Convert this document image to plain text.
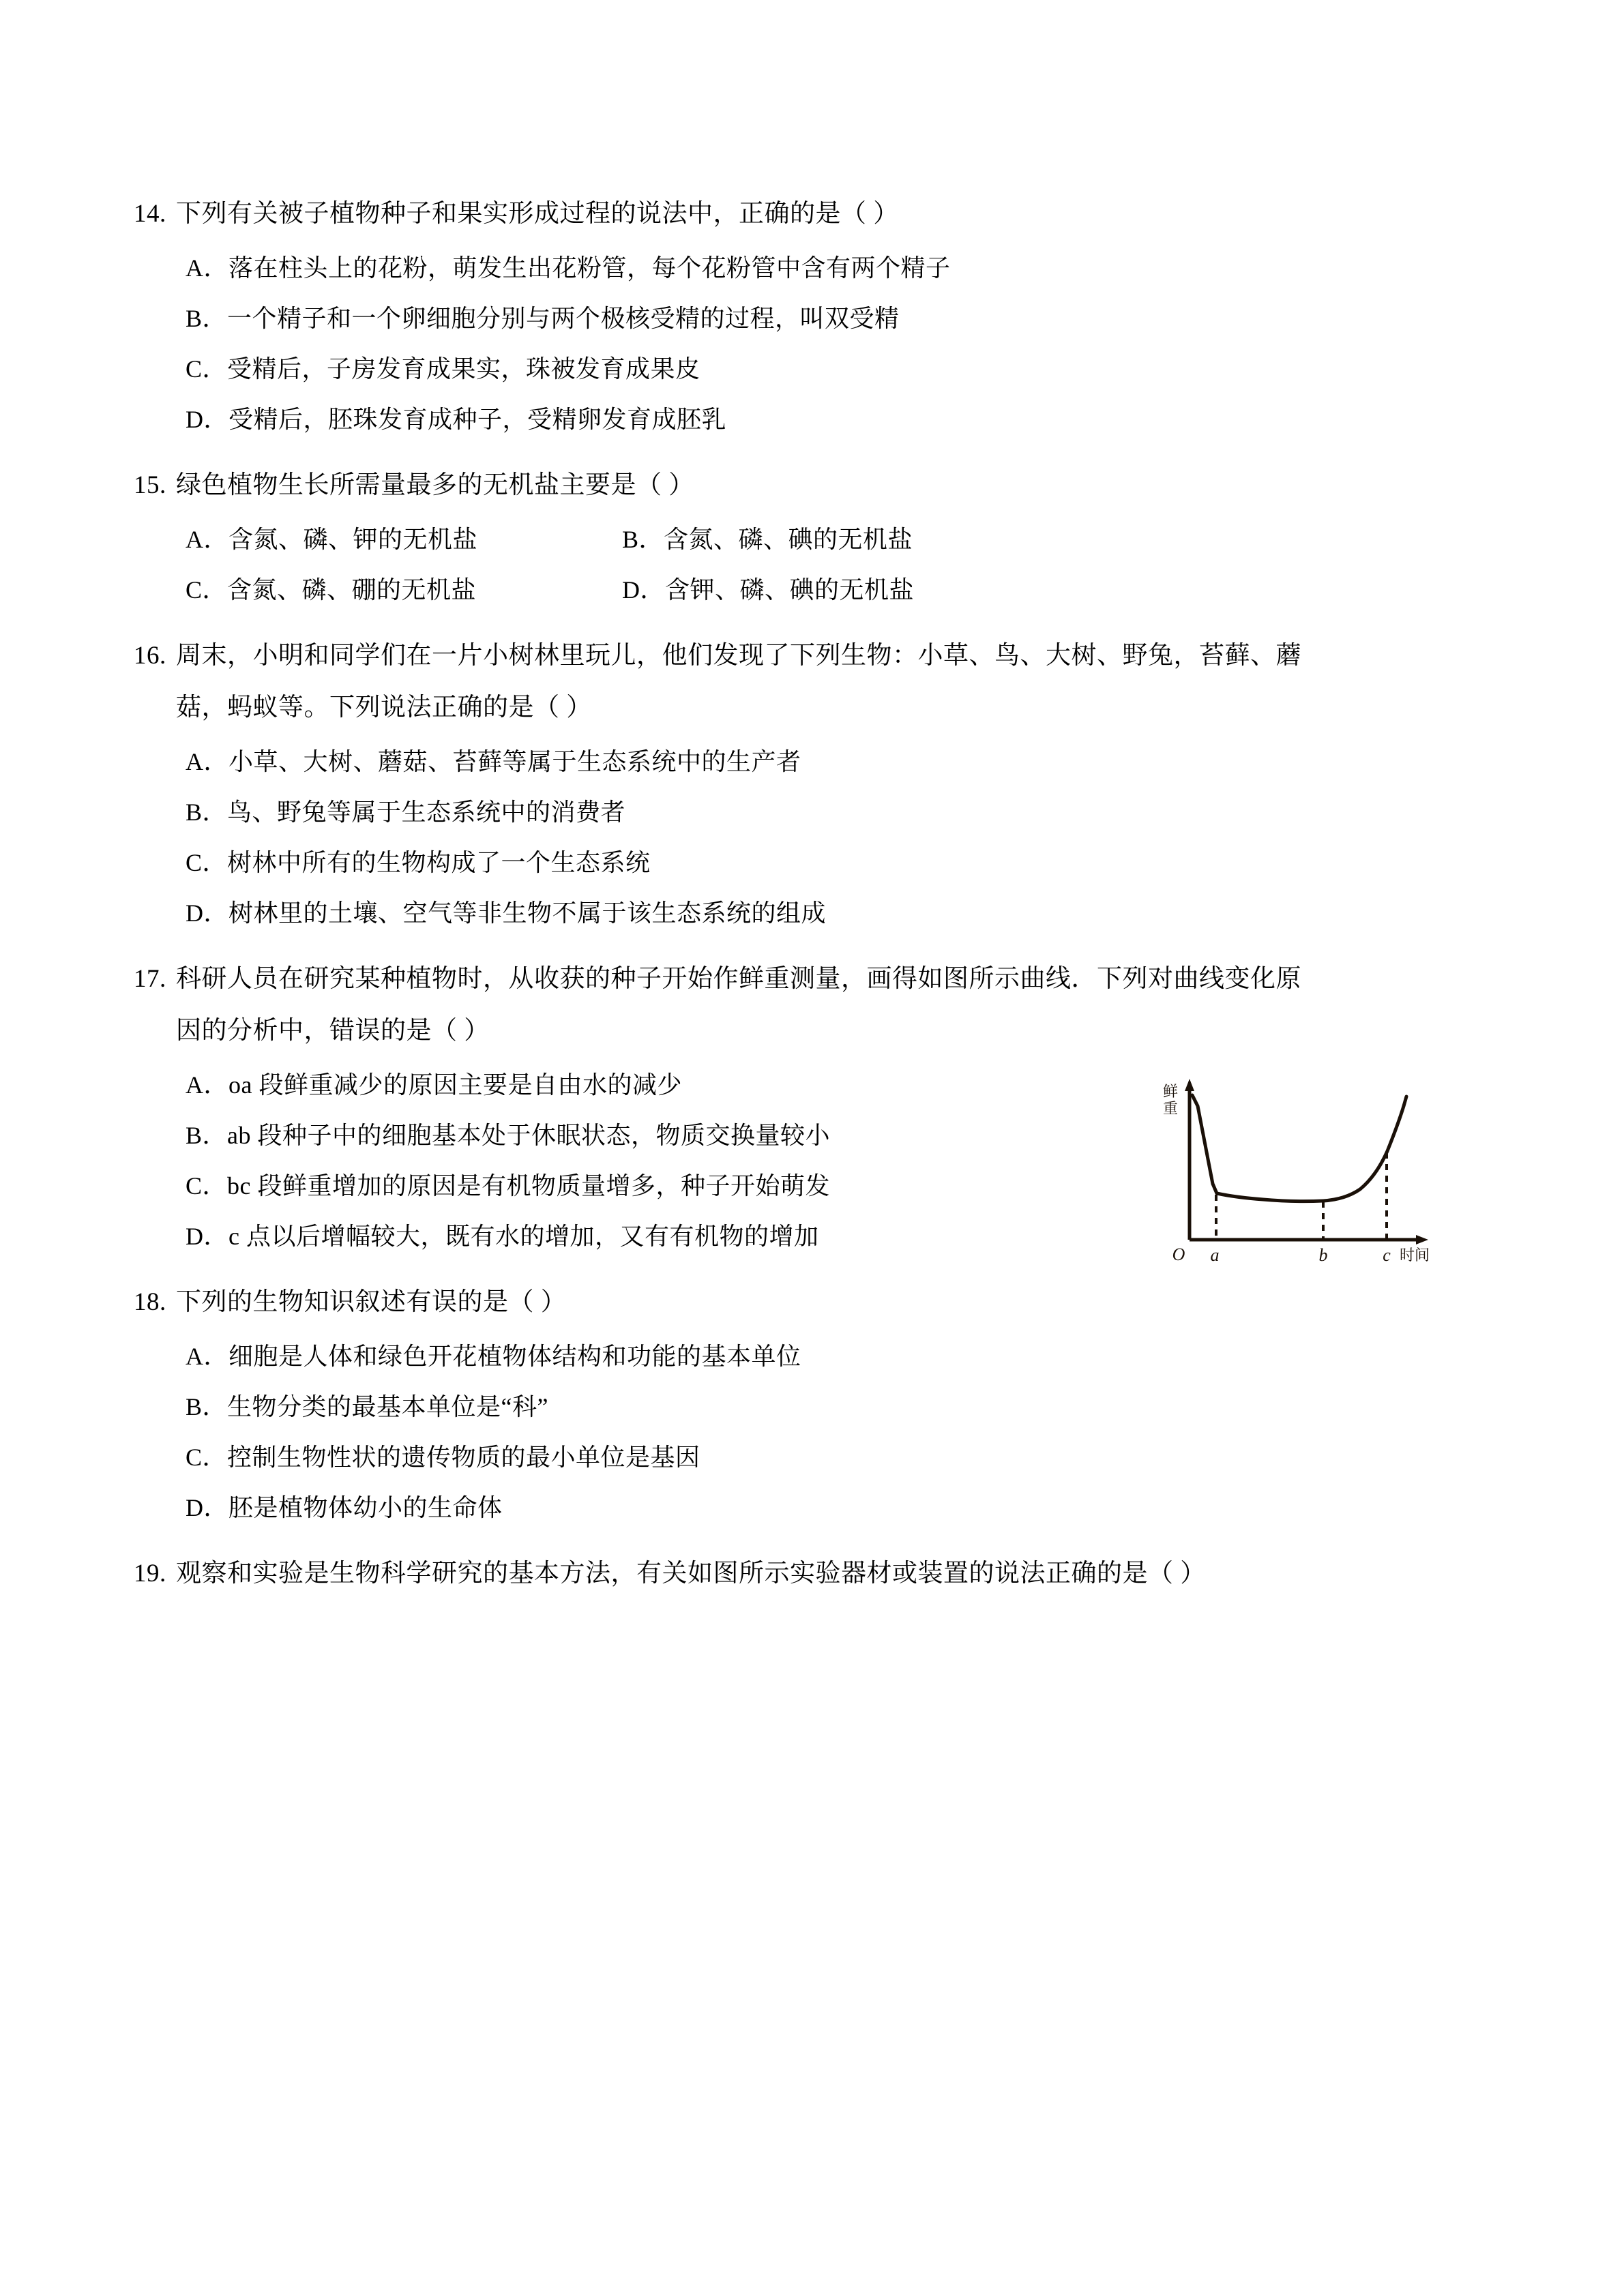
14. 下列有关被子植物种子和果实形成过程的说法中，正确的是（ ）
A．落在柱头上的花粉，萌发生出花粉管，每个花粉管中含有两个精子
B．一个精子和一个卵细胞分别与两个极核受精的过程，叫双受精
C．受精后，子房发育成果实，珠被发育成果皮
D．受精后，胚珠发育成种子，受精卵发育成胚乳
15. 绿色植物生长所需量最多的无机盐主要是（ ）
A．含氮、磷、钾的无机盐	B．含氮、磷、碘的无机盐
C．含氮、磷、硼的无机盐	D．含钾、磷、碘的无机盐
16. 周末，小明和同学们在一片小树林里玩儿，他们发现了下列生物：小草、鸟、大树、野兔，苔藓、蘑
菇，蚂蚁等。下列说法正确的是（ ）
A．小草、大树、蘑菇、苔藓等属于生态系统中的生产者
B．鸟、野兔等属于生态系统中的消费者
C．树林中所有的生物构成了一个生态系统
D．树林里的土壤、空气等非生物不属于该生态系统的组成
17. 科研人员在研究某种植物时，从收获的种子开始作鲜重测量，画得如图所示曲线．下列对曲线变化原
因的分析中，错误的是（ ）
A．oa 段鲜重减少的原因主要是自由水的减少
B．ab 段种子中的细胞基本处于休眠状态，物质交换量较小
C．bc 段鲜重增加的原因是有机物质量增多，种子开始萌发
D．c 点以后增幅较大，既有水的增加，又有有机物的增加
鲜重
O a	b	c 时间
18. 下列的生物知识叙述有误的是（ ）
A．细胞是人体和绿色开花植物体结构和功能的基本单位
B．生物分类的最基本单位是“科”
C．控制生物性状的遗传物质的最小单位是基因
D．胚是植物体幼小的生命体
19. 观察和实验是生物科学研究的基本方法，有关如图所示实验器材或装置的说法正确的是（ ）
